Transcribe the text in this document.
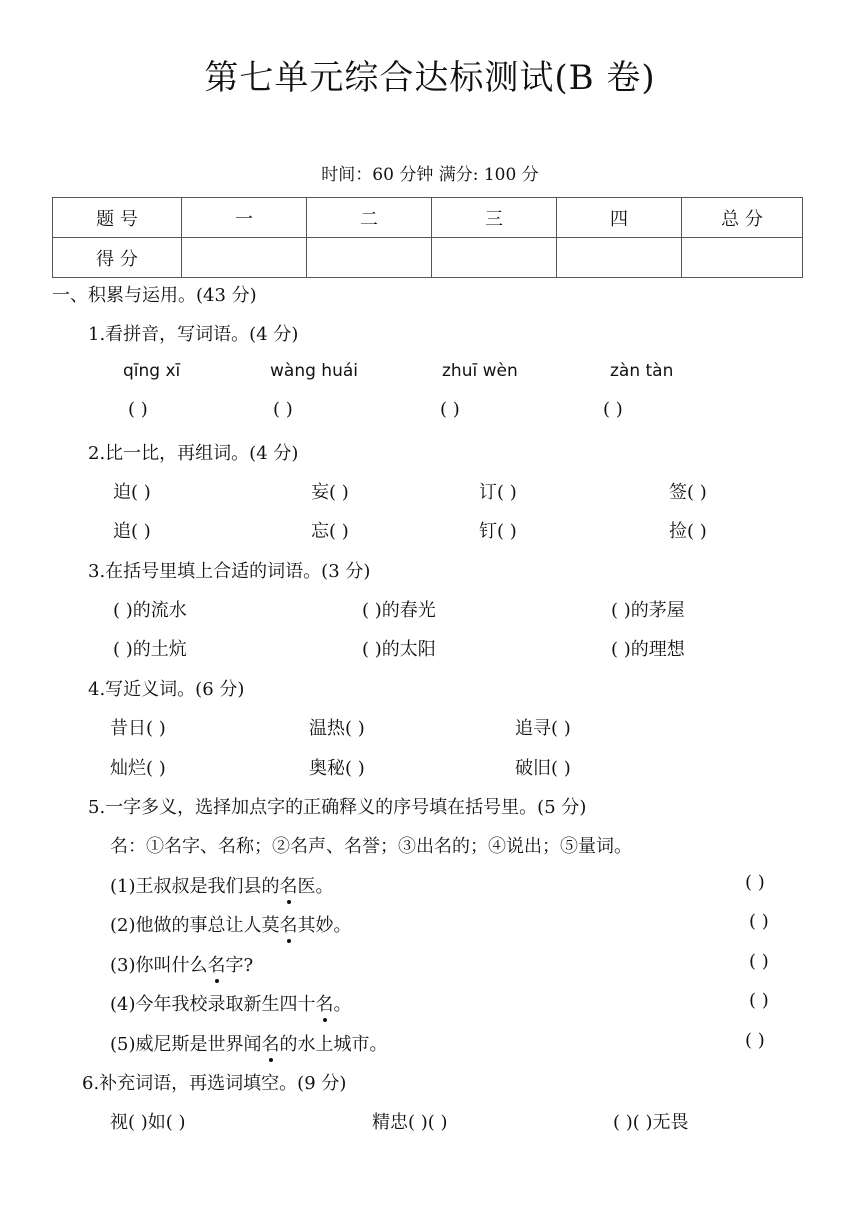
第七单元综合达标测试(B 卷)
时间：60 分钟 满分: 100 分
题 号	一	二	三	四	总 分
得 分					
一、积累与运用。(43 分)
1.看拼音，写词语。(4 分)
qīng xī	wàng huái	zhuī wèn	zàn tàn
( )	( )	( )	( )
2.比一比，再组词。(4 分)
迫( )	妄( )	订( )	签( )
追( )	忘( )	钉( )	捡( )
3.在括号里填上合适的词语。(3 分)
( )的流水	( )的春光	( )的茅屋
( )的土炕	( )的太阳	( )的理想
4.写近义词。(6 分)
昔日( )	温热( )	追寻( )
灿烂( )	奥秘( )	破旧( )
5.一字多义，选择加点字的正确释义的序号填在括号里。(5 分)
名：①名字、名称；②名声、名誉；③出名的；④说出；⑤量词。
(1)王叔叔是我们县的名医。	( )
(2)他做的事总让人莫名其妙。	( )
(3)你叫什么名字?	( )
(4)今年我校录取新生四十名。	( )
(5)威尼斯是世界闻名的水上城市。	( )
6.补充词语，再选词填空。(9 分)
视( )如( )	精忠( )( )	( )( )无畏
